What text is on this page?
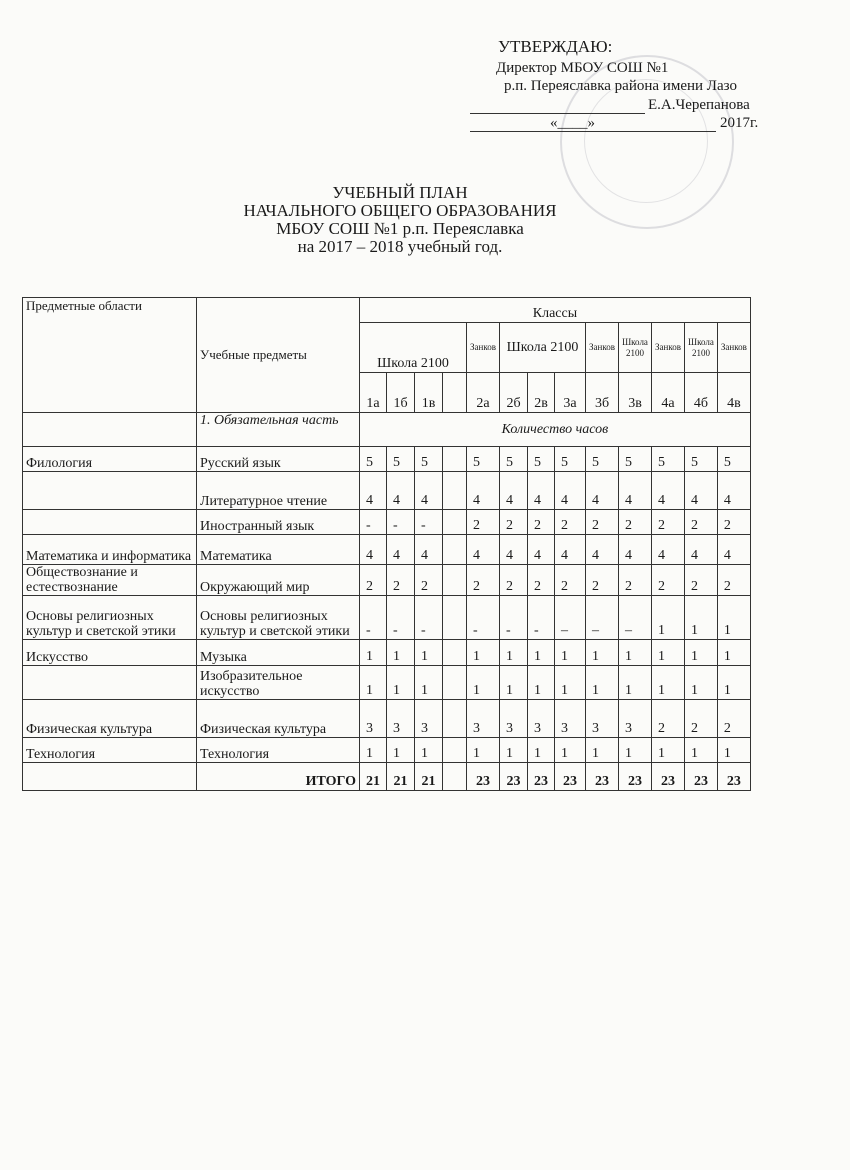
УТВЕРЖДАЮ:
Директор МБОУ СОШ №1
р.п. Переяславка района имени Лазо
Е.А.Черепанова
«____»	2017г.
УЧЕБНЫЙ ПЛАН
НАЧАЛЬНОГО ОБЩЕГО ОБРАЗОВАНИЯ
МБОУ СОШ №1 р.п. Переяславка
на 2017 – 2018 учебный год.
Предметные области	Учебные предметы	Классы												
		Школа 2100				Занков	Школа 2100			Занков	Школа 2100	Занков	Школа 2100	Занков
		1а	1б	1в		2а	2б	2в	3а	3б	3в	4а	4б	4в
	1. Обязательная часть	Количество часов												
Филология	Русский язык	5	5	5		5	5	5	5	5	5	5	5	5
	Литературное чтение	4	4	4		4	4	4	4	4	4	4	4	4
	Иностранный язык	-	-	-		2	2	2	2	2	2	2	2	2
Математика и информатика	Математика	4	4	4		4	4	4	4	4	4	4	4	4
Обществознание и естествознание	Окружающий мир	2	2	2		2	2	2	2	2	2	2	2	2
Основы религиозных культур и светской этики	Основы религиозных культур и светской этики	-	-	-		-	-	-	–	–	–	1	1	1
Искусство	Музыка	1	1	1		1	1	1	1	1	1	1	1	1
	Изобразительное искусство	1	1	1		1	1	1	1	1	1	1	1	1
Физическая культура	Физическая культура	3	3	3		3	3	3	3	3	3	2	2	2
Технология	Технология	1	1	1		1	1	1	1	1	1	1	1	1
	ИТОГО	21	21	21		23	23	23	23	23	23	23	23	23
